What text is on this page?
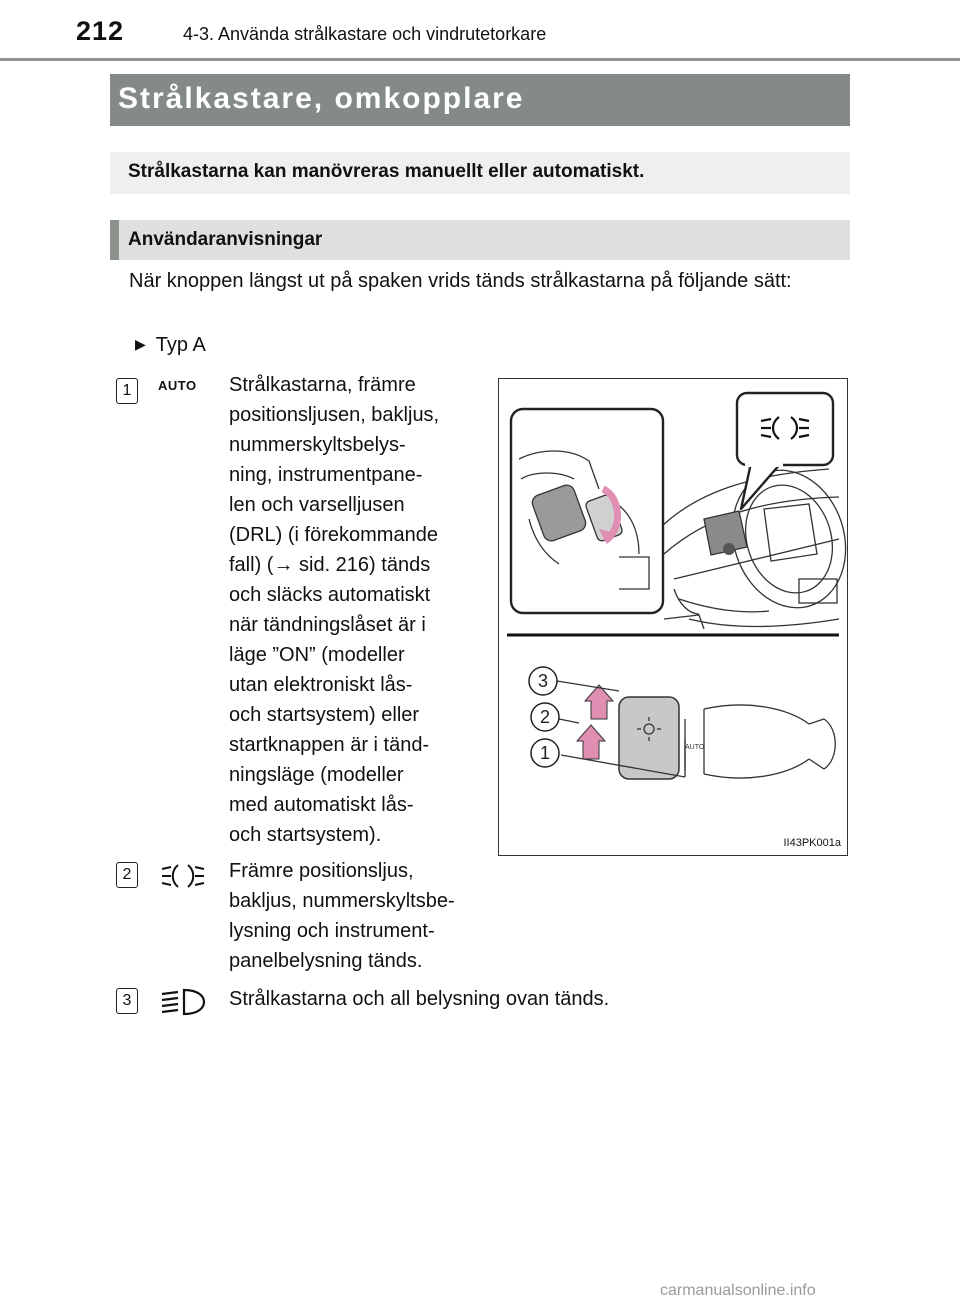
212	4-3. Använda strålkastare och vindrutetorkare
Strålkastare, omkopplare
Strålkastarna kan manövreras manuellt eller automatiskt.
Användaranvisningar
När knoppen längst ut på spaken vrids tänds strålkastarna på följande sätt:
▶ Typ A
1	AUTO Strålkastarna, främre
positionsljusen, bakljus,
nummerskyltsbelys-
ning, instrumentpane-
len och varselljusen
(DRL) (i förekommande
fall) (→ sid. 216) tänds
och släcks automatiskt
när tändningslåset är i
läge ”ON” (modeller
utan elektroniskt lås-
och startsystem) eller
startknappen är i tänd-
ningsläge (modeller
med automatiskt lås-
och startsystem).
AUTO
3
2
1
II43PK001a
2	Främre positionsljus,
bakljus, nummerskyltsbe-
lysning och instrument-
panelbelysning tänds.
3	Strålkastarna och all belysning ovan tänds.
carmanualsonline.info
